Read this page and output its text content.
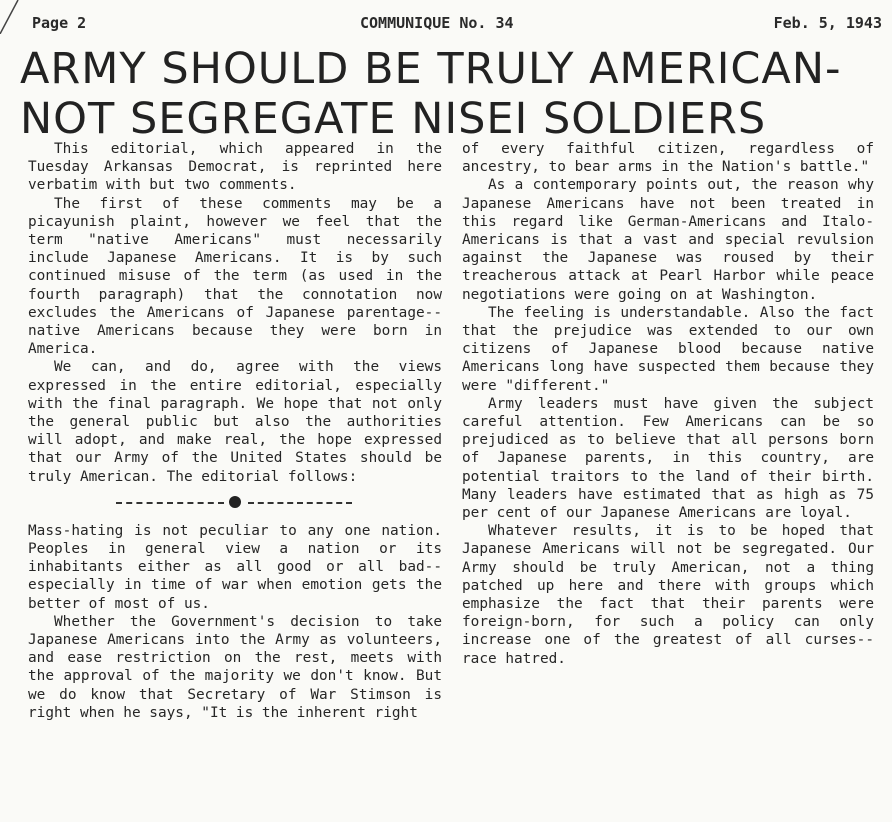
Page 2	COMMUNIQUE No. 34	Feb. 5, 1943
ARMY SHOULD BE TRULY AMERICAN-
NOT SEGREGATE NISEI SOLDIERS

This editorial, which appeared in the Tuesday Arkansas Democrat, is reprinted here verbatim with but two comments.

The first of these comments may be a picayunish plaint, however we feel that the term "native Americans" must necessarily include Japanese Americans. It is by such continued misuse of the term (as used in the fourth paragraph) that the connotation now excludes the Americans of Japanese parentage--native Americans because they were born in America.

We can, and do, agree with the views expressed in the entire editorial, especially with the final paragraph. We hope that not only the general public but also the authorities will adopt, and make real, the hope expressed that our Army of the United States should be truly American. The editorial follows:

Mass-hating is not peculiar to any one nation. Peoples in general view a nation or its inhabitants either as all good or all bad--especially in time of war when emotion gets the better of most of us.

Whether the Government's decision to take Japanese Americans into the Army as volunteers, and ease restriction on the rest, meets with the approval of the majority we don't know. But we do know that Secretary of War Stimson is right when he says, "It is the inherent right

of every faithful citizen, regardless of ancestry, to bear arms in the Nation's battle."

As a contemporary points out, the reason why Japanese Americans have not been treated in this regard like German-Americans and Italo-Americans is that a vast and special revulsion against the Japanese was roused by their treacherous attack at Pearl Harbor while peace negotiations were going on at Washington.

The feeling is understandable. Also the fact that the prejudice was extended to our own citizens of Japanese blood because native Americans long have suspected them because they were "different."

Army leaders must have given the subject careful attention. Few Americans can be so prejudiced as to believe that all persons born of Japanese parents, in this country, are potential traitors to the land of their birth. Many leaders have estimated that as high as 75 per cent of our Japanese Americans are loyal.

Whatever results, it is to be hoped that Japanese Americans will not be segregated. Our Army should be truly American, not a thing patched up here and there with groups which emphasize the fact that their parents were foreign-born, for such a policy can only increase one of the greatest of all curses--race hatred.
